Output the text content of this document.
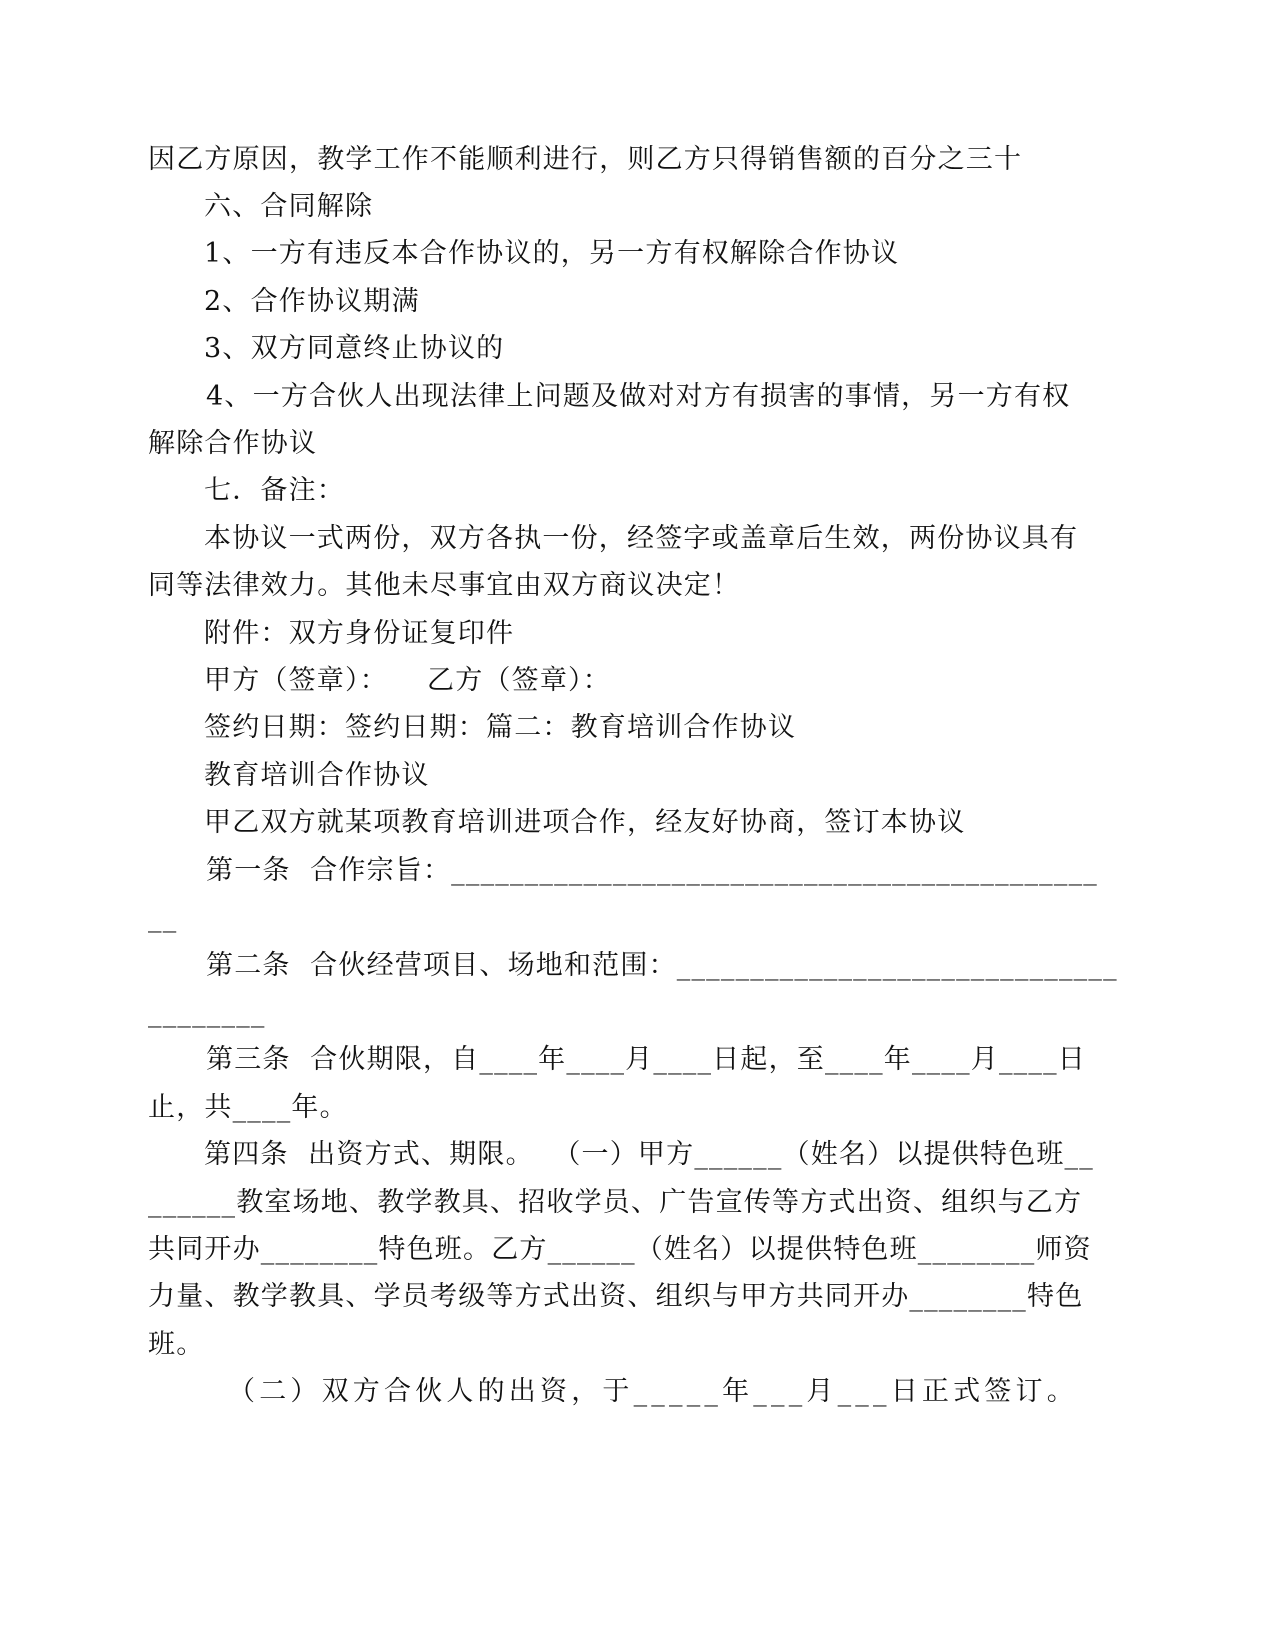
因乙方原因，教学工作不能顺利进行，则乙方只得销售额的百分之三十
六、合同解除
1、一方有违反本合作协议的，另一方有权解除合作协议
2、合作协议期满
3、双方同意终止协议的
4、一方合伙人出现法律上问题及做对对方有损害的事情，另一方有权
解除合作协议
七．备注：
本协议一式两份，双方各执一份，经签字或盖章后生效，两份协议具有
同等法律效力。其他未尽事宜由双方商议决定！
附件：双方身份证复印件
甲方（签章）：    乙方（签章）：
签约日期：签约日期：篇二：教育培训合作协议
教育培训合作协议
甲乙双方就某项教育培训进项合作，经友好协商，签订本协议
第一条  合作宗旨：____________________________________________
__
第二条  合伙经营项目、场地和范围：______________________________
________
第三条  合伙期限，自____年____月____日起，至____年____月____日
止，共____年。
第四条  出资方式、期限。  （一）甲方______（姓名）以提供特色班__
______教室场地、教学教具、招收学员、广告宣传等方式出资、组织与乙方
共同开办________特色班。乙方______（姓名）以提供特色班________师资
力量、教学教具、学员考级等方式出资、组织与甲方共同开办________特色
班。
（二）双方合伙人的出资，于_____年___月___日正式签订。
